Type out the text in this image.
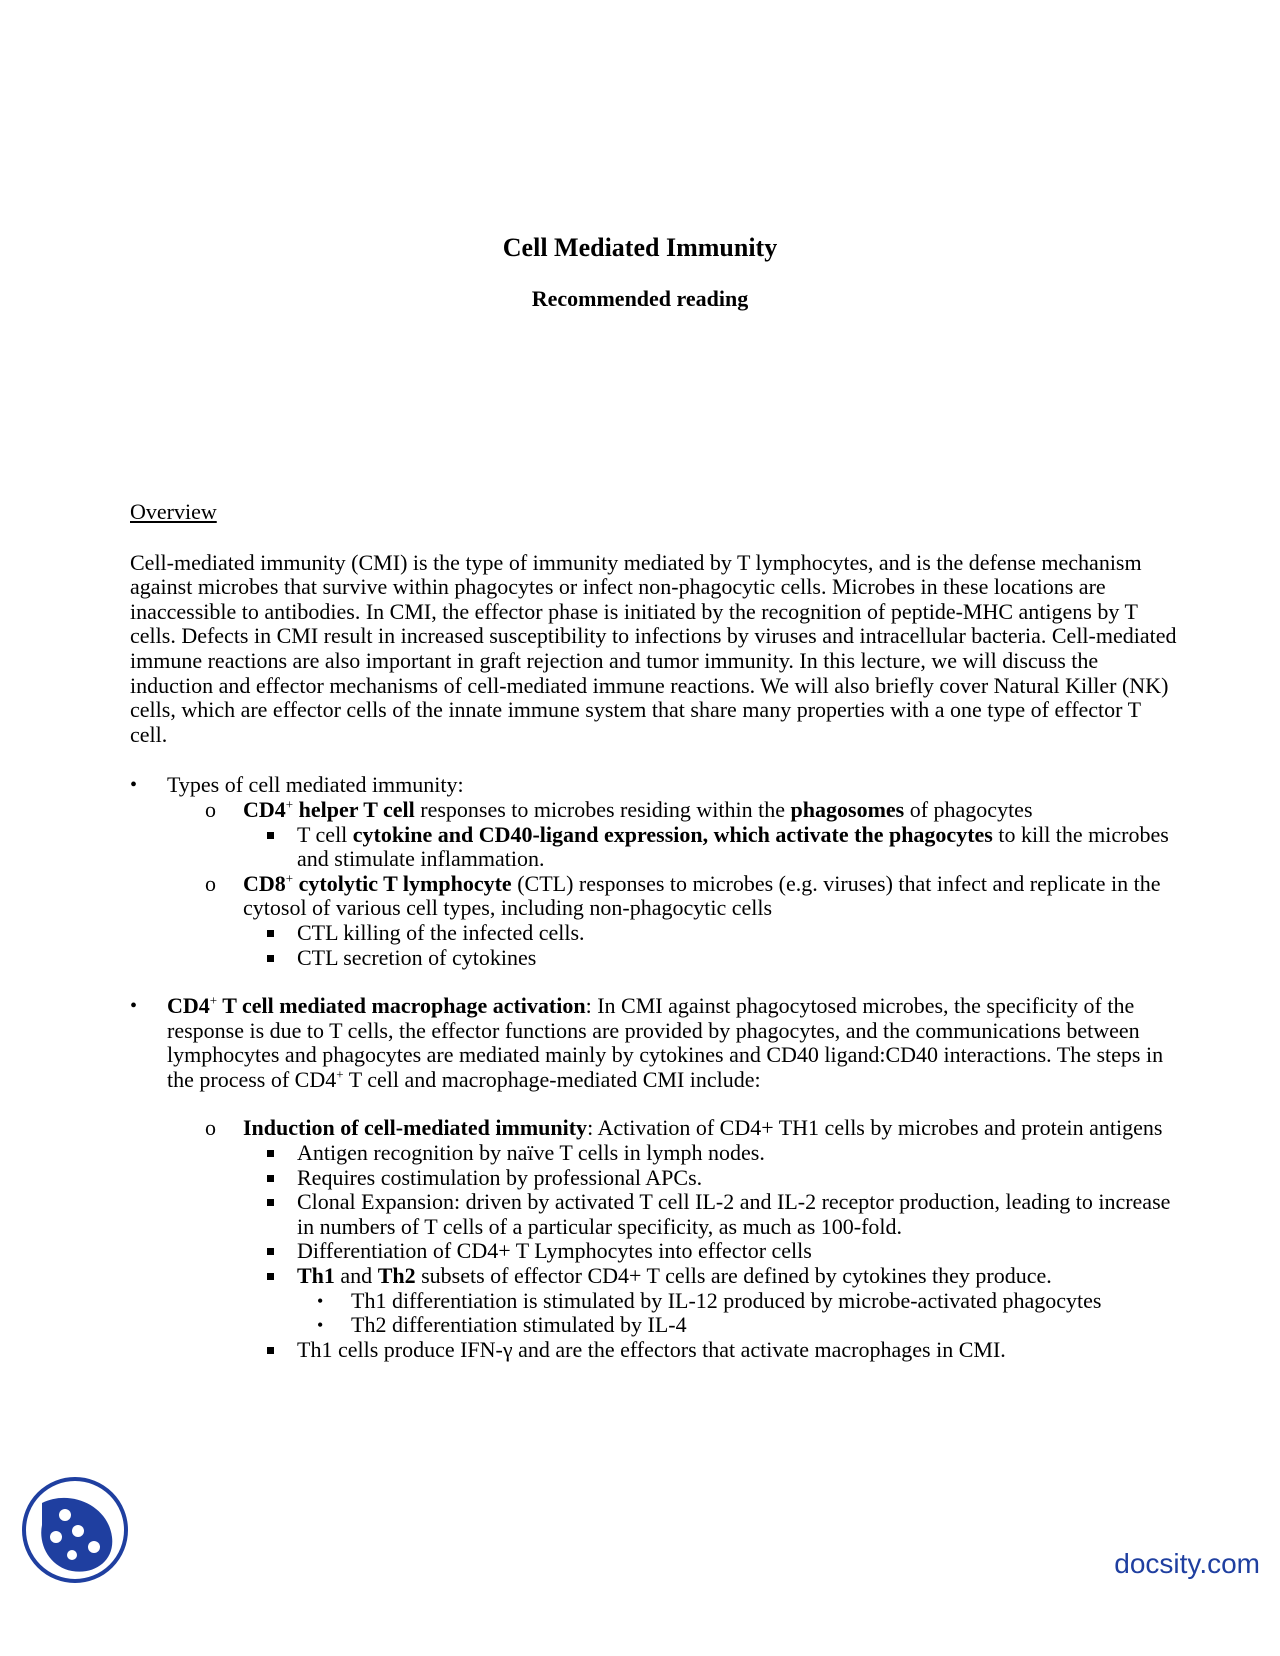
Cell Mediated Immunity
Recommended reading
Overview

Cell-mediated immunity (CMI) is the type of immunity mediated by T lymphocytes, and is the defense mechanism against microbes that survive within phagocytes or infect non-phagocytic cells. Microbes in these locations are inaccessible to antibodies. In CMI, the effector phase is initiated by the recognition of peptide-MHC antigens by T cells. Defects in CMI result in increased susceptibility to infections by viruses and intracellular bacteria. Cell-mediated immune reactions are also important in graft rejection and tumor immunity. In this lecture, we will discuss the induction and effector mechanisms of cell-mediated immune reactions. We will also briefly cover Natural Killer (NK) cells, which are effector cells of the innate immune system that share many properties with a one type of effector T cell.

• Types of cell mediated immunity:
o CD4+ helper T cell responses to microbes residing within the phagosomes of phagocytes
T cell cytokine and CD40-ligand expression, which activate the phagocytes to kill the microbes and stimulate inflammation.
o CD8+ cytolytic T lymphocyte (CTL) responses to microbes (e.g. viruses) that infect and replicate in the cytosol of various cell types, including non-phagocytic cells
CTL killing of the infected cells.
CTL secretion of cytokines
• CD4+ T cell mediated macrophage activation: In CMI against phagocytosed microbes, the specificity of the response is due to T cells, the effector functions are provided by phagocytes, and the communications between lymphocytes and phagocytes are mediated mainly by cytokines and CD40 ligand:CD40 interactions. The steps in the process of CD4+ T cell and macrophage-mediated CMI include:
o Induction of cell-mediated immunity: Activation of CD4+ TH1 cells by microbes and protein antigens
Antigen recognition by naïve T cells in lymph nodes.
Requires costimulation by professional APCs.
Clonal Expansion: driven by activated T cell IL-2 and IL-2 receptor production, leading to increase in numbers of T cells of a particular specificity, as much as 100-fold.
Differentiation of CD4+ T Lymphocytes into effector cells
Th1 and Th2 subsets of effector CD4+ T cells are defined by cytokines they produce.
• Th1 differentiation is stimulated by IL-12 produced by microbe-activated phagocytes
• Th2 differentiation stimulated by IL-4
Th1 cells produce IFN-γ and are the effectors that activate macrophages in CMI.
docsity.com
